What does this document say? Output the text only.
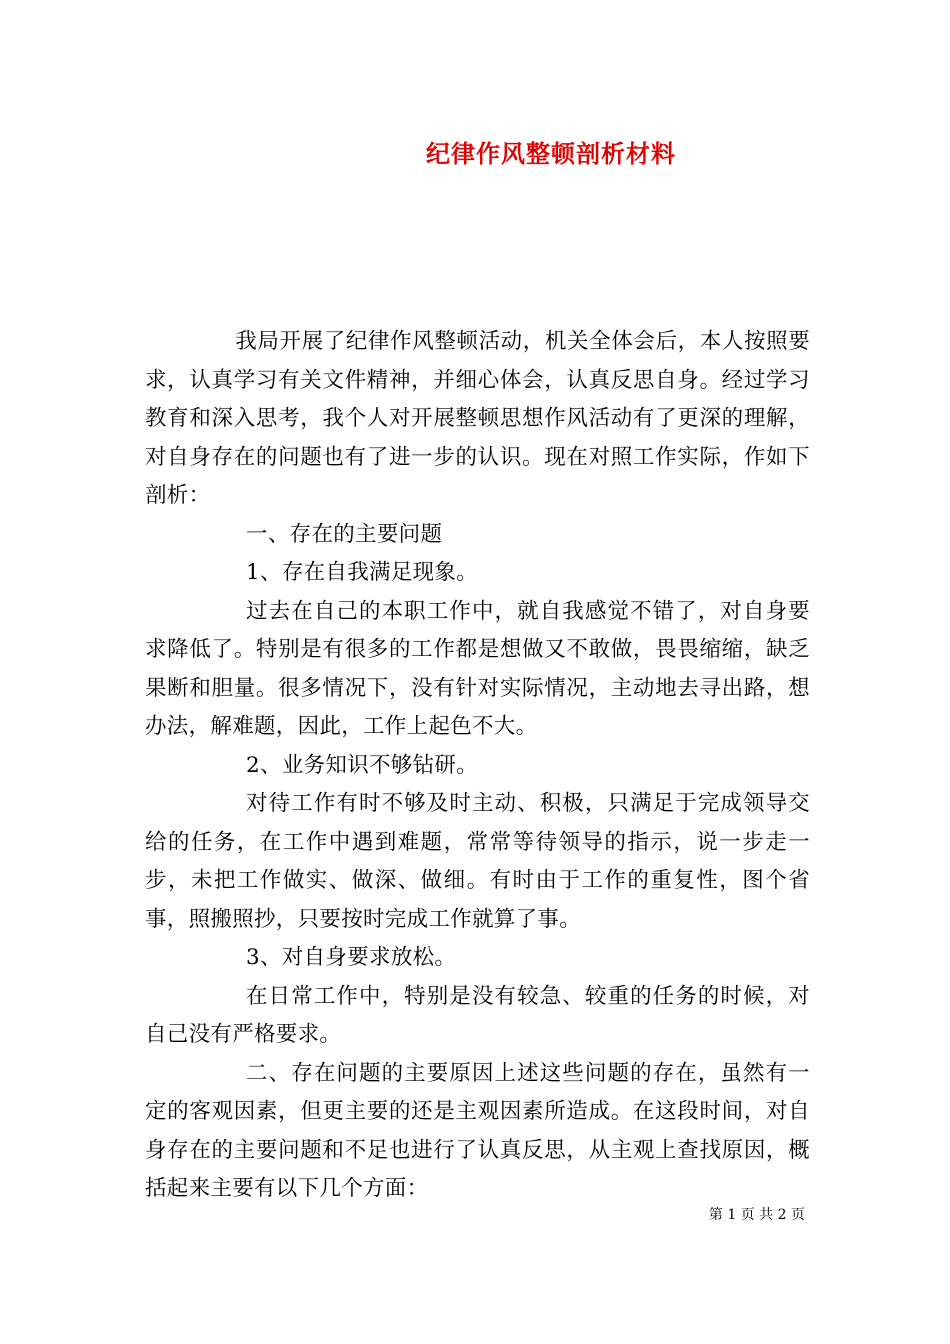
纪律作风整顿剖析材料

我局开展了纪律作风整顿活动，机关全体会后，本人按照要求，认真学习有关文件精神，并细心体会，认真反思自身。经过学习教育和深入思考，我个人对开展整顿思想作风活动有了更深的理解，对自身存在的问题也有了进一步的认识。现在对照工作实际，作如下剖析：

一、存在的主要问题

1、存在自我满足现象。

过去在自己的本职工作中，就自我感觉不错了，对自身要求降低了。特别是有很多的工作都是想做又不敢做，畏畏缩缩，缺乏果断和胆量。很多情况下，没有针对实际情况，主动地去寻出路，想办法，解难题，因此，工作上起色不大。

2、业务知识不够钻研。

对待工作有时不够及时主动、积极，只满足于完成领导交给的任务，在工作中遇到难题，常常等待领导的指示，说一步走一步，未把工作做实、做深、做细。有时由于工作的重复性，图个省事，照搬照抄，只要按时完成工作就算了事。

3、对自身要求放松。

在日常工作中，特别是没有较急、较重的任务的时候，对自己没有严格要求。

二、存在问题的主要原因上述这些问题的存在，虽然有一定的客观因素，但更主要的还是主观因素所造成。在这段时间，对自身存在的主要问题和不足也进行了认真反思，从主观上查找原因，概括起来主要有以下几个方面：

第 1 页 共 2 页
